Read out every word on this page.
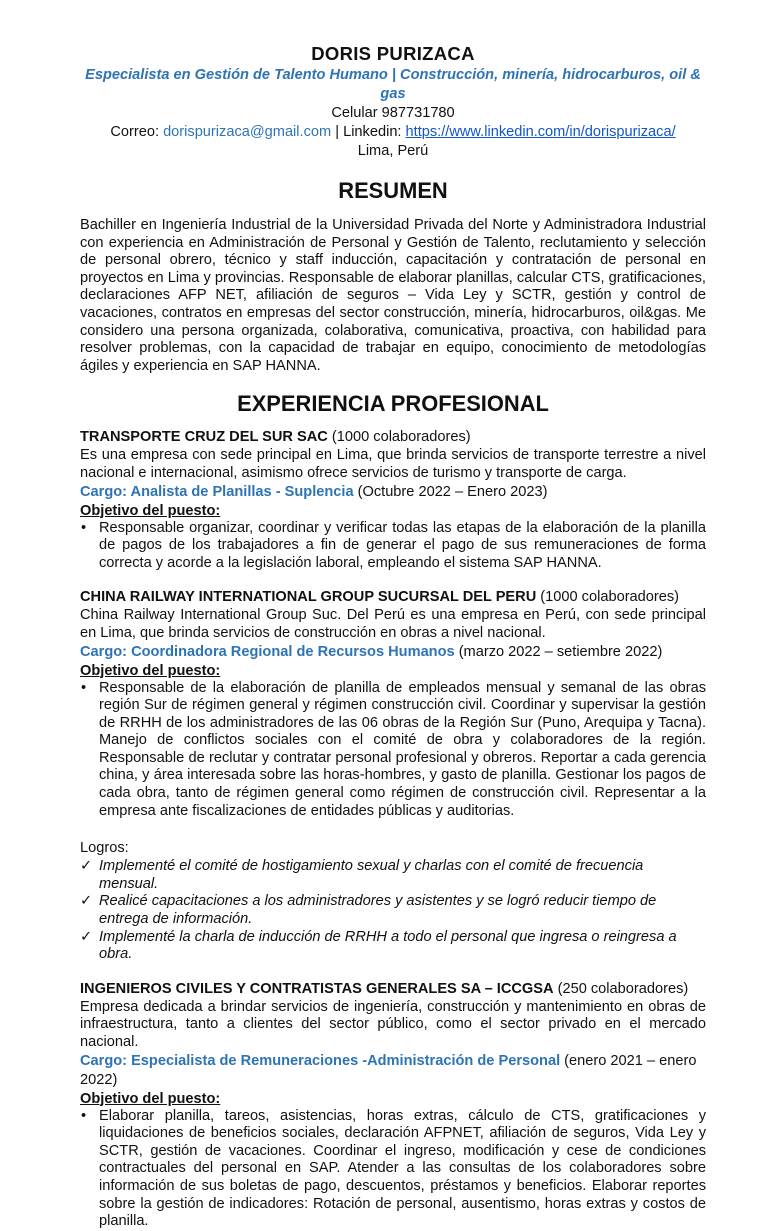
DORIS PURIZACA
Especialista en Gestión de Talento Humano | Construcción, minería, hidrocarburos, oil & gas
Celular 987731780
Correo: dorispurizaca@gmail.com | Linkedin: https://www.linkedin.com/in/dorispurizaca/
Lima, Perú
RESUMEN

Bachiller en Ingeniería Industrial de la Universidad Privada del Norte y Administradora Industrial con experiencia en Administración de Personal y Gestión de Talento, reclutamiento y selección de personal obrero, técnico y staff inducción, capacitación y contratación de personal en proyectos en Lima y provincias. Responsable de elaborar planillas, calcular CTS, gratificaciones, declaraciones AFP NET, afiliación de seguros – Vida Ley y SCTR, gestión y control de vacaciones, contratos en empresas del sector construcción, minería, hidrocarburos, oil&gas. Me considero una persona organizada, colaborativa, comunicativa, proactiva, con habilidad para resolver problemas, con la capacidad de trabajar en equipo, conocimiento de metodologías ágiles y experiencia en SAP HANNA.

EXPERIENCIA PROFESIONAL
TRANSPORTE CRUZ DEL SUR SAC (1000 colaboradores)

Es una empresa con sede principal en Lima, que brinda servicios de transporte terrestre a nivel nacional e internacional, asimismo ofrece servicios de turismo y transporte de carga.

Cargo: Analista de Planillas - Suplencia (Octubre 2022 – Enero 2023)
Objetivo del puesto:
• Responsable organizar, coordinar y verificar todas las etapas de la elaboración de la planilla de pagos de los trabajadores a fin de generar el pago de sus remuneraciones de forma correcta y acorde a la legislación laboral, empleando el sistema SAP HANNA.
CHINA RAILWAY INTERNATIONAL GROUP SUCURSAL DEL PERU (1000 colaboradores)

China Railway International Group Suc. Del Perú es una empresa en Perú, con sede principal en Lima, que brinda servicios de construcción en obras a nivel nacional.

Cargo: Coordinadora Regional de Recursos Humanos (marzo 2022 – setiembre 2022)
Objetivo del puesto:
• Responsable de la elaboración de planilla de empleados mensual y semanal de las obras región Sur de régimen general y régimen construcción civil. Coordinar y supervisar la gestión de RRHH de los administradores de las 06 obras de la Región Sur (Puno, Arequipa y Tacna). Manejo de conflictos sociales con el comité de obra y colaboradores de la región. Responsable de reclutar y contratar personal profesional y obreros. Reportar a cada gerencia china, y área interesada sobre las horas-hombres, y gasto de planilla. Gestionar los pagos de cada obra, tanto de régimen general como régimen de construcción civil. Representar a la empresa ante fiscalizaciones de entidades públicas y auditorias.
Logros:
✓ Implementé el comité de hostigamiento sexual y charlas con el comité de frecuencia mensual.
✓ Realicé capacitaciones a los administradores y asistentes y se logró reducir tiempo de entrega de información.
✓ Implementé la charla de inducción de RRHH a todo el personal que ingresa o reingresa a obra.
INGENIEROS CIVILES Y CONTRATISTAS GENERALES SA – ICCGSA (250 colaboradores)

Empresa dedicada a brindar servicios de ingeniería, construcción y mantenimiento en obras de infraestructura, tanto a clientes del sector público, como el sector privado en el mercado nacional.

Cargo: Especialista de Remuneraciones -Administración de Personal (enero 2021 – enero 2022)
Objetivo del puesto:
• Elaborar planilla, tareos, asistencias, horas extras, cálculo de CTS, gratificaciones y liquidaciones de beneficios sociales, declaración AFPNET, afiliación de seguros, Vida Ley y SCTR, gestión de vacaciones. Coordinar el ingreso, modificación y cese de condiciones contractuales del personal en SAP. Atender a las consultas de los colaboradores sobre información de sus boletas de pago, descuentos, préstamos y beneficios. Elaborar reportes sobre la gestión de indicadores: Rotación de personal, ausentismo, horas extras y costos de planilla.
